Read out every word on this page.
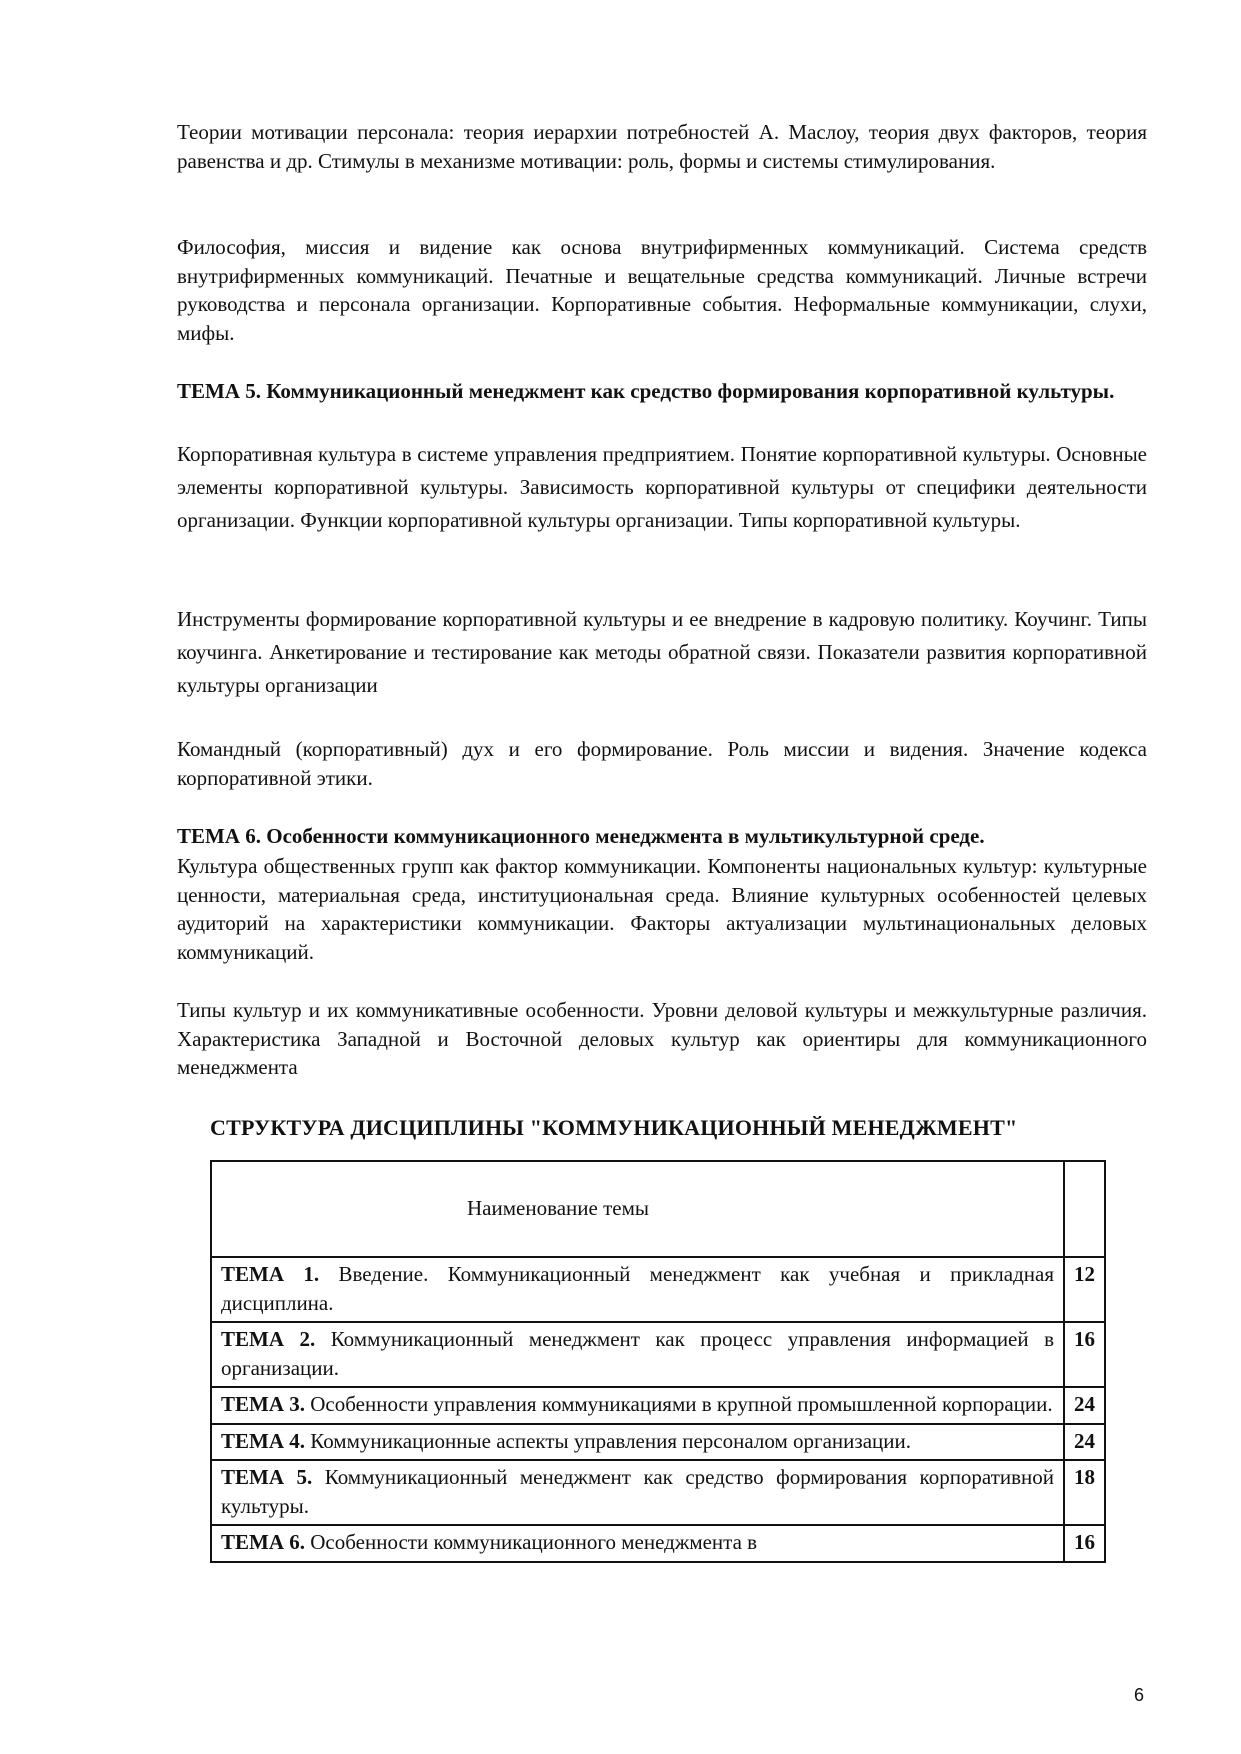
Теории мотивации персонала: теория иерархии потребностей А. Маслоу, теория двух факторов, теория равенства и др. Стимулы в механизме мотивации: роль, формы и системы стимулирования.

Философия, миссия и видение как основа внутрифирменных коммуникаций. Система средств внутрифирменных коммуникаций. Печатные и вещательные средства коммуникаций. Личные встречи руководства и персонала организации. Корпоративные события. Неформальные коммуникации, слухи, мифы.

ТЕМА 5. Коммуникационный менеджмент как средство формирования корпоративной культуры.

Корпоративная культура в системе управления предприятием. Понятие корпоративной культуры. Основные элементы корпоративной культуры. Зависимость корпоративной культуры от специфики деятельности организации. Функции корпоративной культуры организации. Типы корпоративной культуры.

Инструменты формирование корпоративной культуры и ее внедрение в кадровую политику. Коучинг. Типы коучинга. Анкетирование и тестирование как методы обратной связи. Показатели развития корпоративной культуры организации

Командный (корпоративный) дух и его формирование. Роль миссии и видения. Значение кодекса корпоративной этики.

ТЕМА 6. Особенности коммуникационного менеджмента в мультикультурной среде.

Культура общественных групп как фактор коммуникации. Компоненты национальных культур: культурные ценности, материальная среда, институциональная среда. Влияние культурных особенностей целевых аудиторий на характеристики коммуникации. Факторы актуализации мультинациональных деловых коммуникаций.

Типы культур и их коммуникативные особенности. Уровни деловой культуры и межкультурные различия. Характеристика Западной и Восточной деловых культур как ориентиры для коммуникационного менеджмента

СТРУКТУРА ДИСЦИПЛИНЫ "КОММУНИКАЦИОННЫЙ МЕНЕДЖМЕНТ"
Наименование темы	
ТЕМА 1. Введение. Коммуникационный менеджмент как учебная и прикладная дисциплина.	12
ТЕМА 2. Коммуникационный менеджмент как процесс управления информацией в организации.	16
ТЕМА 3. Особенности управления коммуникациями в крупной промышленной корпорации.	24
ТЕМА 4. Коммуникационные аспекты управления персоналом организации.	24
ТЕМА 5. Коммуникационный менеджмент как средство формирования корпоративной культуры.	18
ТЕМА 6. Особенности коммуникационного менеджмента в	16
6
